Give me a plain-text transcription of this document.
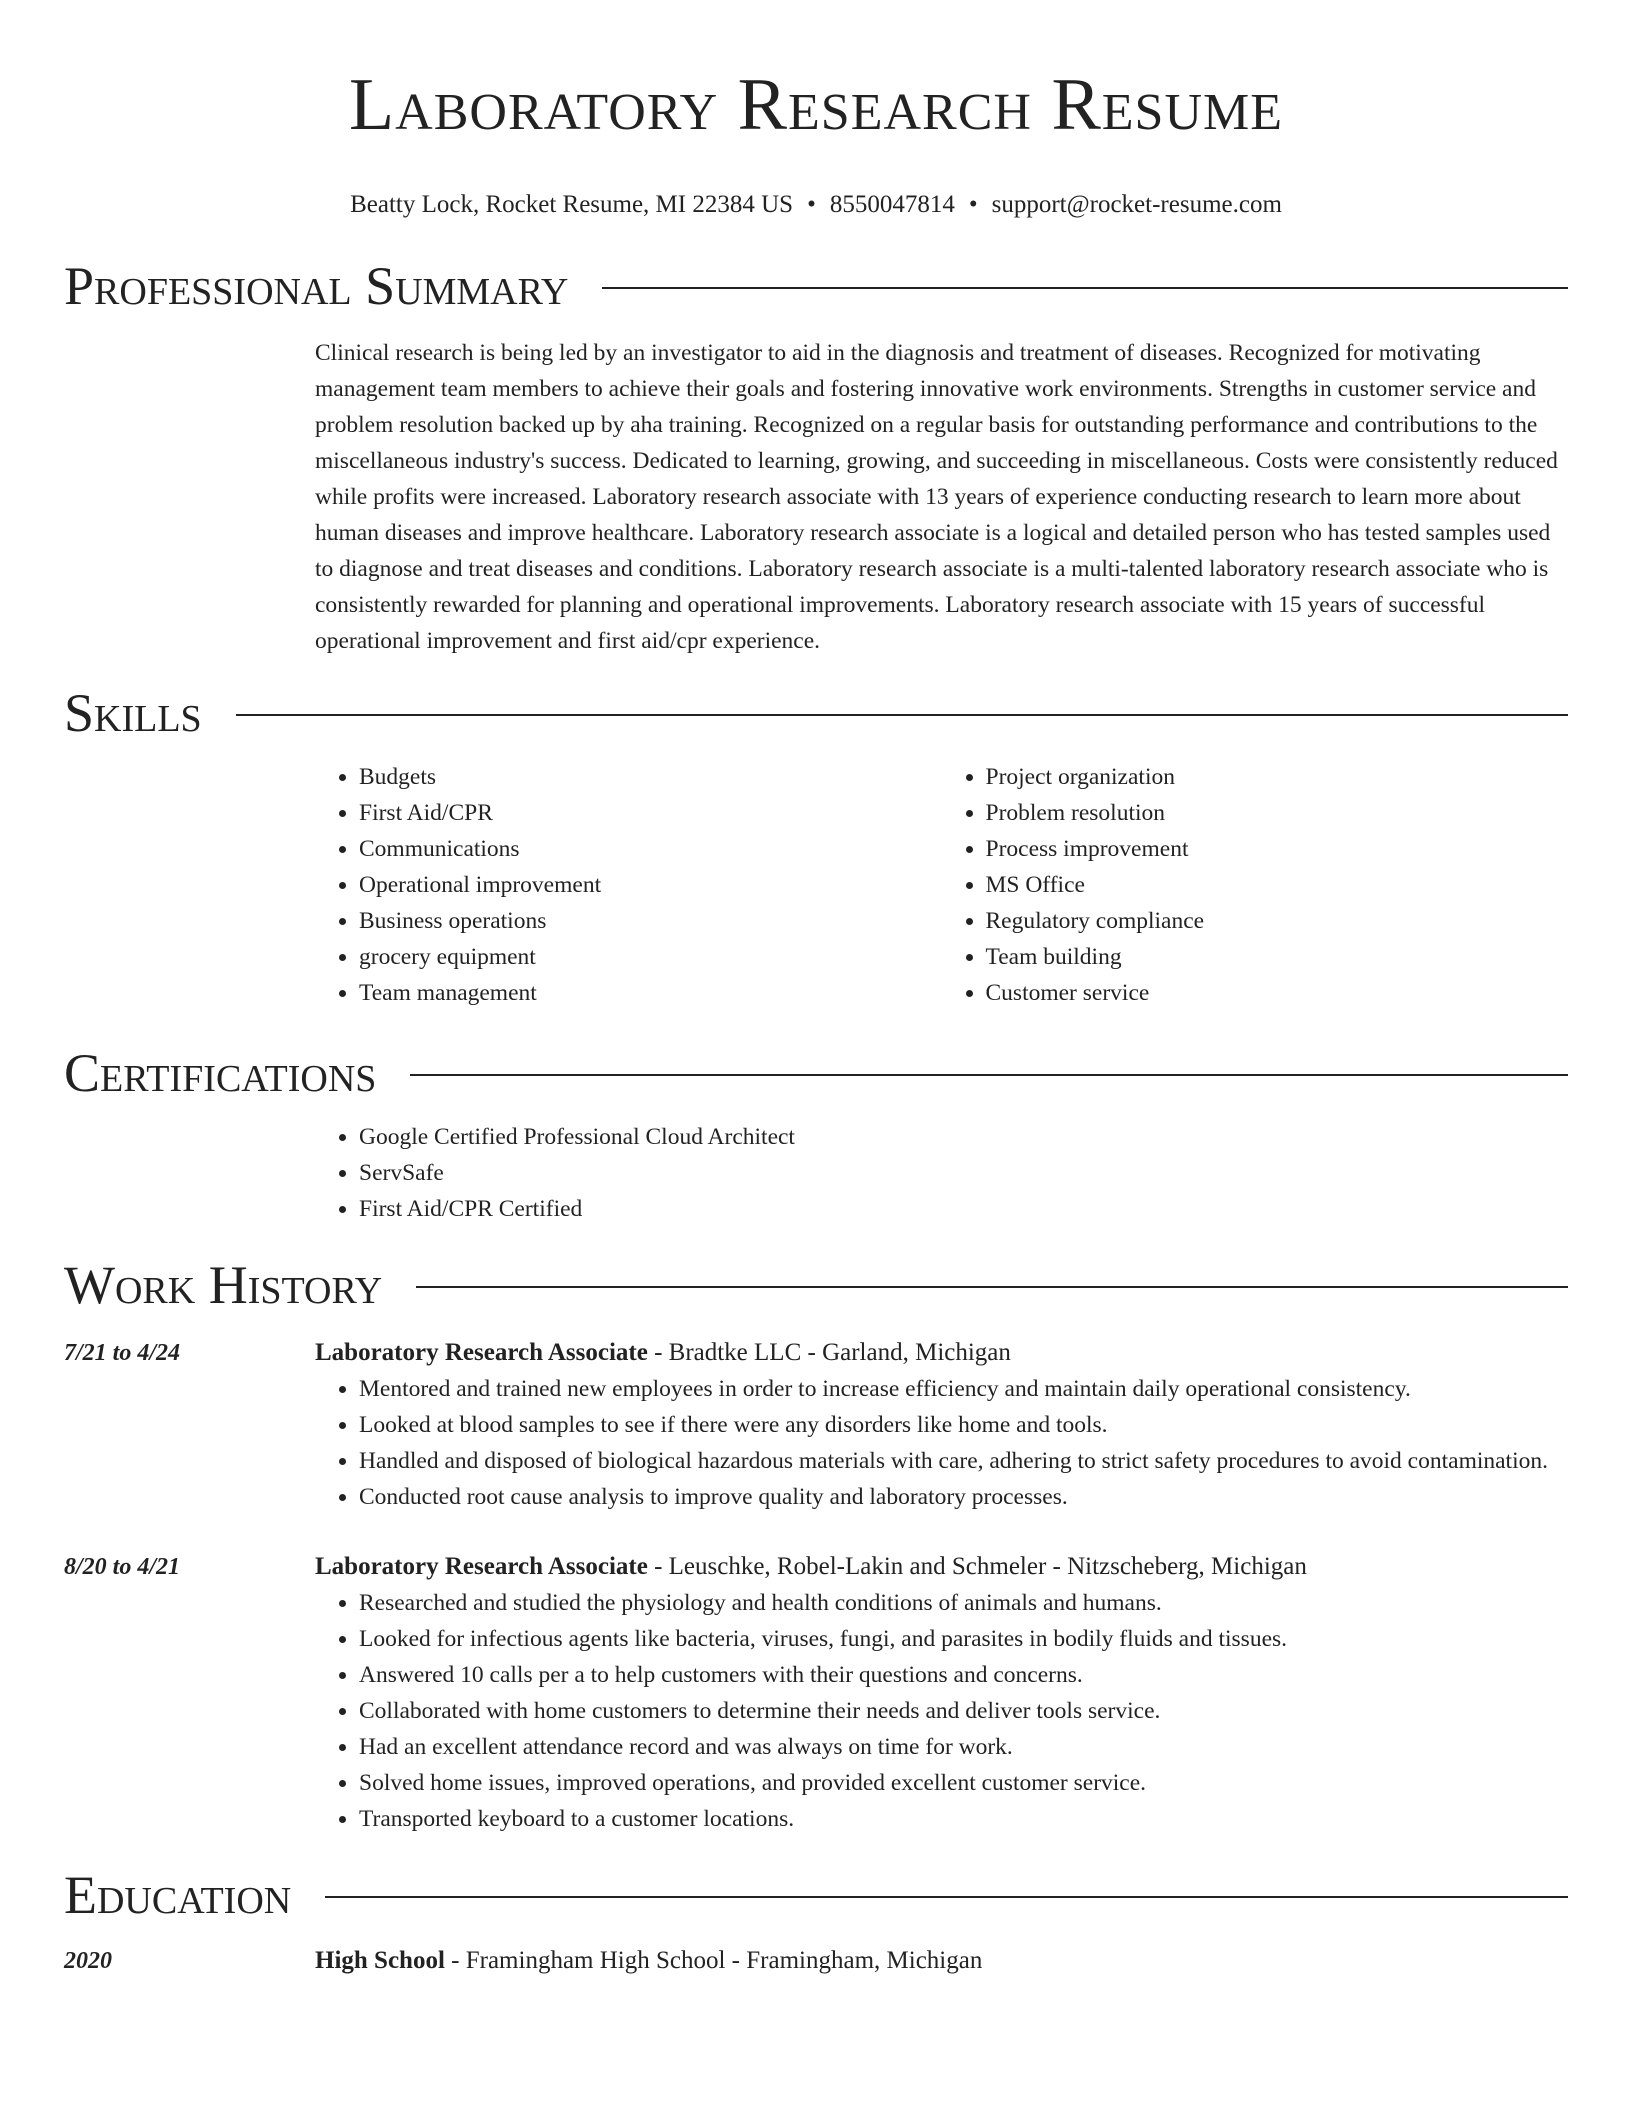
Laboratory Research Resume
Beatty Lock, Rocket Resume, MI 22384 US • 8550047814 • support@rocket-resume.com
Professional Summary
Clinical research is being led by an investigator to aid in the diagnosis and treatment of diseases. Recognized for motivating management team members to achieve their goals and fostering innovative work environments. Strengths in customer service and problem resolution backed up by aha training. Recognized on a regular basis for outstanding performance and contributions to the miscellaneous industry's success. Dedicated to learning, growing, and succeeding in miscellaneous. Costs were consistently reduced while profits were increased. Laboratory research associate with 13 years of experience conducting research to learn more about human diseases and improve healthcare. Laboratory research associate is a logical and detailed person who has tested samples used to diagnose and treat diseases and conditions. Laboratory research associate is a multi-talented laboratory research associate who is consistently rewarded for planning and operational improvements. Laboratory research associate with 15 years of successful operational improvement and first aid/cpr experience.
Skills
• Budgets
• First Aid/CPR
• Communications
• Operational improvement
• Business operations
• grocery equipment
• Team management
• Project organization
• Problem resolution
• Process improvement
• MS Office
• Regulatory compliance
• Team building
• Customer service
Certifications
• Google Certified Professional Cloud Architect
• ServSafe
• First Aid/CPR Certified
Work History
7/21 to 4/24	Laboratory Research Associate - Bradtke LLC - Garland, Michigan
• Mentored and trained new employees in order to increase efficiency and maintain daily operational consistency.
• Looked at blood samples to see if there were any disorders like home and tools.
• Handled and disposed of biological hazardous materials with care, adhering to strict safety procedures to avoid contamination.
• Conducted root cause analysis to improve quality and laboratory processes.
8/20 to 4/21	Laboratory Research Associate - Leuschke, Robel-Lakin and Schmeler - Nitzscheberg, Michigan
• Researched and studied the physiology and health conditions of animals and humans.
• Looked for infectious agents like bacteria, viruses, fungi, and parasites in bodily fluids and tissues.
• Answered 10 calls per a to help customers with their questions and concerns.
• Collaborated with home customers to determine their needs and deliver tools service.
• Had an excellent attendance record and was always on time for work.
• Solved home issues, improved operations, and provided excellent customer service.
• Transported keyboard to a customer locations.
Education
2020	High School - Framingham High School - Framingham, Michigan
